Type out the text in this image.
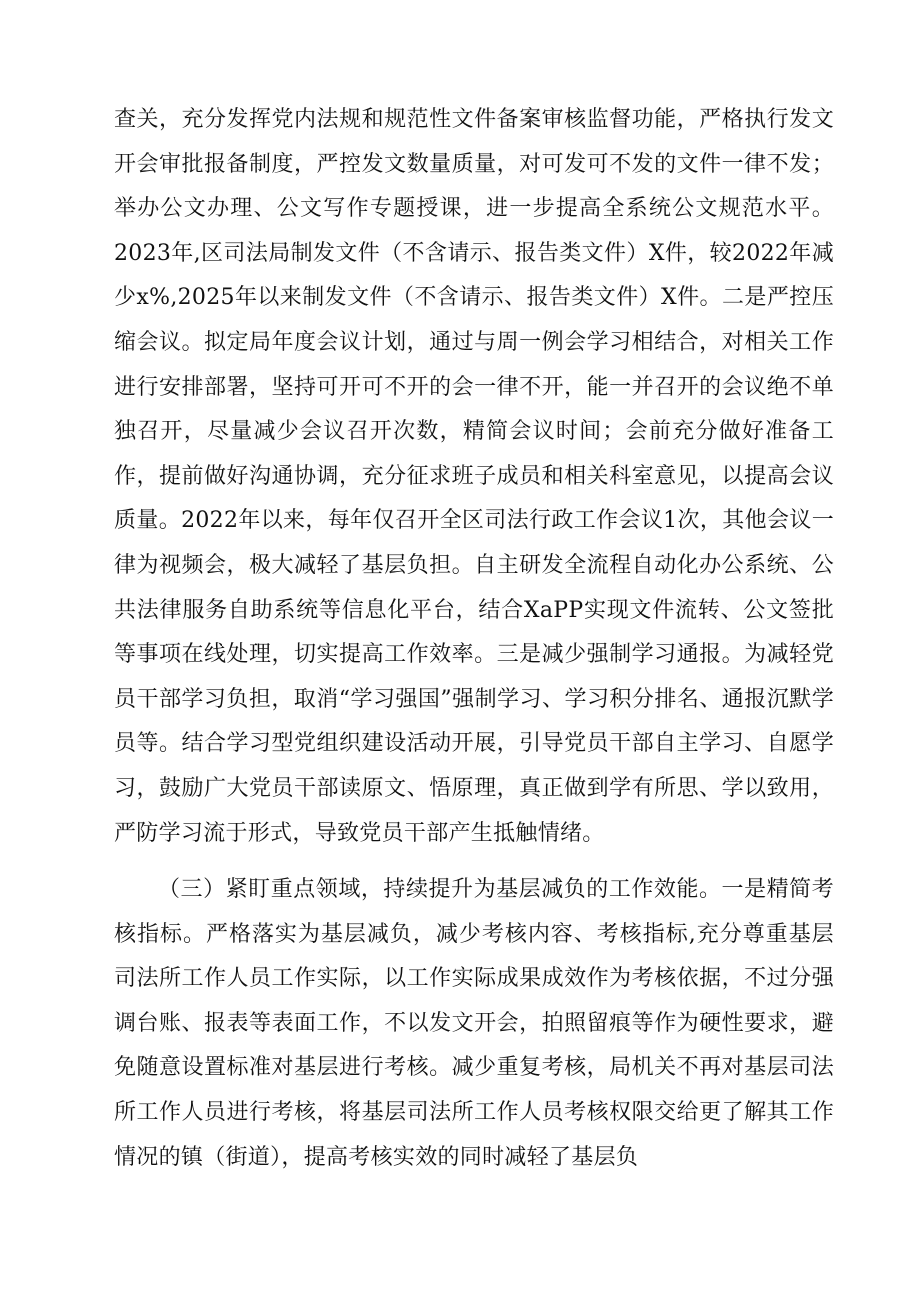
查关，充分发挥党内法规和规范性文件备案审核监督功能，严格执行发文开会审批报备制度，严控发文数量质量，对可发可不发的文件一律不发；举办公文办理、公文写作专题授课，进一步提高全系统公文规范水平。2023年,区司法局制发文件（不含请示、报告类文件）X件，较2022年减少x%,2025年以来制发文件（不含请示、报告类文件）X件。二是严控压缩会议。拟定局年度会议计划，通过与周一例会学习相结合，对相关工作进行安排部署，坚持可开可不开的会一律不开，能一并召开的会议绝不单独召开，尽量减少会议召开次数，精简会议时间；会前充分做好准备工作，提前做好沟通协调，充分征求班子成员和相关科室意见，以提高会议质量。2022年以来，每年仅召开全区司法行政工作会议1次，其他会议一律为视频会，极大减轻了基层负担。自主研发全流程自动化办公系统、公共法律服务自助系统等信息化平台，结合XaPP实现文件流转、公文签批等事项在线处理，切实提高工作效率。三是减少强制学习通报。为减轻党员干部学习负担，取消“学习强国”强制学习、学习积分排名、通报沉默学员等。结合学习型党组织建设活动开展，引导党员干部自主学习、自愿学习，鼓励广大党员干部读原文、悟原理，真正做到学有所思、学以致用，严防学习流于形式，导致党员干部产生抵触情绪。

（三）紧盯重点领域，持续提升为基层减负的工作效能。一是精简考核指标。严格落实为基层减负，减少考核内容、考核指标,充分尊重基层司法所工作人员工作实际，以工作实际成果成效作为考核依据，不过分强调台账、报表等表面工作，不以发文开会，拍照留痕等作为硬性要求，避免随意设置标准对基层进行考核。减少重复考核，局机关不再对基层司法所工作人员进行考核，将基层司法所工作人员考核权限交给更了解其工作情况的镇（街道），提高考核实效的同时减轻了基层负
